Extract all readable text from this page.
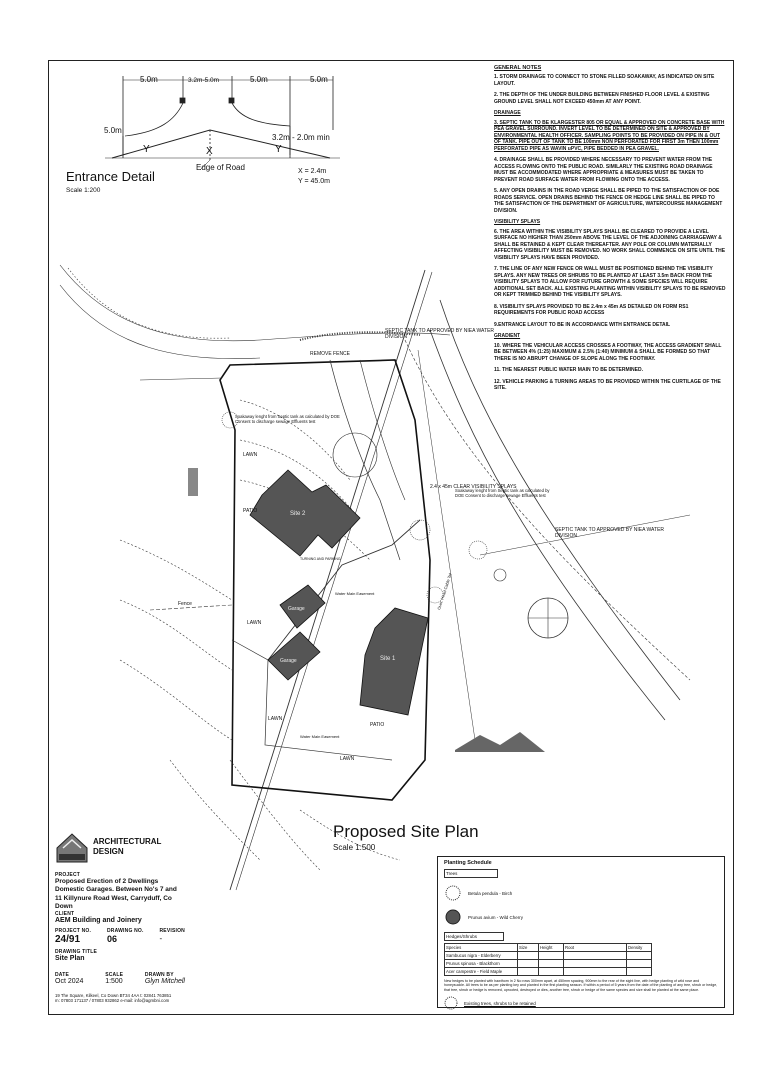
5.0m	3.2m-5.0m	5.0m	5.0m
5.0m
3.2m - 2.0m min
Y	X	Y
Edge of Road
Entrance Detail
Scale 1:200
X = 2.4m
Y = 45.0m
LAWN
LAWN
LAWN
LAWN
PATIO
PATIO
Site 2
Site 1
Garage
Garage
Fence
REMOVE FENCE
TURNING AND PARKING
Water Main Easement
Water Main Easement
Over. Head Cable Tel
2.4 x 45m CLEAR VISIBILITY SPLAYS
SEPTIC TANK TO APPROVED BY NIEA WATER DIVISION
SEPTIC TANK TO APPROVED BY NIEA WATER DIVISION
Soakaway lenght from Septic tank as calculated by DOE Consent to discharge sewage Effluents test
Soakaway lenght from Septic tank as calculated by DOE Consent to discharge sewage Effluents test
Proposed Site Plan
Scale 1:500
ARCHITECTURAL
DESIGN
PROJECT
Proposed Erection of 2 Dwellings Domestic Garages. Between No's 7 and 11 Killynure Road West, Carryduff, Co Down
CLIENT
AEM Building and Joinery
PROJECT NO.
24/91
DRAWING NO.
06
REVISION
-
DRAWING TITLE
Site Plan
DATE
Oct 2024
SCALE
1:500
DRAWN BY
Glyn Mitchell
19 The Square, Kilkeel, Co Down BT34 4AA t: 02841 763851
m: 07803 171137 / 07803 932862 e-mail: info@agmbni.com
GENERAL NOTES

1. STORM DRAINAGE TO CONNECT TO STONE FILLED SOAKAWAY, AS INDICATED ON SITE LAYOUT.

2. THE DEPTH OF THE UNDER BUILDING BETWEEN FINISHED FLOOR LEVEL & EXISTING GROUND LEVEL SHALL NOT EXCEED 450mm AT ANY POINT.

DRAINAGE

3. SEPTIC TANK TO BE KLARGESTER 805 OR EQUAL & APPROVED ON CONCRETE BASE WITH PEA GRAVEL SURROUND. INVERT LEVEL TO BE DETERMINED ON SITE & APPROVED BY ENVIRONMENTAL HEALTH OFFICER. SAMPLING POINTS TO BE PROVIDED ON PIPE IN & OUT OF TANK. PIPE OUT OF TANK TO BE 100mm NON PERFORATED FOR FIRST 3m THEN 100mm PERFORATED PIPE AS WAVIN uPVC, PIPE BEDDED IN PEA GRAVEL.

4. DRAINAGE SHALL BE PROVIDED WHERE NECESSARY TO PREVENT WATER FROM THE ACCESS FLOWING ONTO THE PUBLIC ROAD. SIMILARLY THE EXISTING ROAD DRAINAGE MUST BE ACCOMMODATED WHERE APPROPRIATE & MEASURES MUST BE TAKEN TO PREVENT ROAD SURFACE WATER FROM FLOWING ONTO THE ACCESS.

5. ANY OPEN DRAINS IN THE ROAD VERGE SHALL BE PIPED TO THE SATISFACTION OF DOE ROADS SERVICE. OPEN DRAINS BEHIND THE FENCE OR HEDGE LINE SHALL BE PIPED TO THE SATISFACTION OF THE DEPARTMENT OF AGRICULTURE, WATERCOURSE MANAGEMENT DIVISION.

VISIBILITY SPLAYS

6. THE AREA WITHIN THE VISIBILITY SPLAYS SHALL BE CLEARED TO PROVIDE A LEVEL SURFACE NO HIGHER THAN 250mm ABOVE THE LEVEL OF THE ADJOINING CARRIAGEWAY & SHALL BE RETAINED & KEPT CLEAR THEREAFTER. ANY POLE OR COLUMN MATERIALLY AFFECTING VISIBILITY MUST BE REMOVED. NO WORK SHALL COMMENCE ON SITE UNTIL THE VISIBILITY SPLAYS HAVE BEEN PROVIDED.

7. THE LINE OF ANY NEW FENCE OR WALL MUST BE POSITIONED BEHIND THE VISIBILITY SPLAYS. ANY NEW TREES OR SHRUBS TO BE PLANTED AT LEAST 3.5m BACK FROM THE VISIBILITY SPLAYS TO ALLOW FOR FUTURE GROWTH & SOME SPECIES WILL REQUIRE ADDITIONAL SET BACK. ALL EXISTING PLANTING WITHIN VISIBILITY SPLAYS TO BE REMOVED OR KEPT TRIMMED BEHIND THE VISIBILITY SPLAYS.

8. VISIBILITY SPLAYS PROVIDED TO BE 2.4m x 45m AS DETAILED ON FORM RS1 REQUIREMENTS FOR PUBLIC ROAD ACCESS

9.ENTRANCE LAYOUT TO BE IN ACCORDANCE WITH ENTRANCE DETAIL

GRADIENT

10. WHERE THE VEHICULAR ACCESS CROSSES A FOOTWAY, THE ACCESS GRADIENT SHALL BE BETWEEN 4% (1:25) MAXIMUM & 2.5% (1:40) MINIMUM & SHALL BE FORMED SO THAT THERE IS NO ABRUPT CHANGE OF SLOPE ALONG THE FOOTWAY.

11. THE NEAREST PUBLIC WATER MAIN TO BE DETERMINED.

12. VEHICLE PARKING & TURNING AREAS TO BE PROVIDED WITHIN THE CURTILAGE OF THE SITE.

Planting Schedule
Trees
Betula pendula - Birch
Prunus avium - Wild Cherry
Hedges/Shrubs
Species	Size	Height	Root	Density
Sambucus nigra - Elderberry				
Prunus spinosa - Blackthorn				
Acer campestre - Field Maple				
New hedges to be planted with hawthorn in 2 No rows 300mm apart, at 450mm spacing, 900mm to the rear of the sight line, with hedge planting of wild rose and honeysuckle. All trees to be as per planting key and planted in the first planting season. If within a period of 5 years from the date of the planting of any tree, shrub or hedge, that tree, shrub or hedge is removed, uprooted, destroyed or dies, another tree, shrub or hedge of the same species and size shall be planted at the same place.
Existing trees, shrubs to be retained
